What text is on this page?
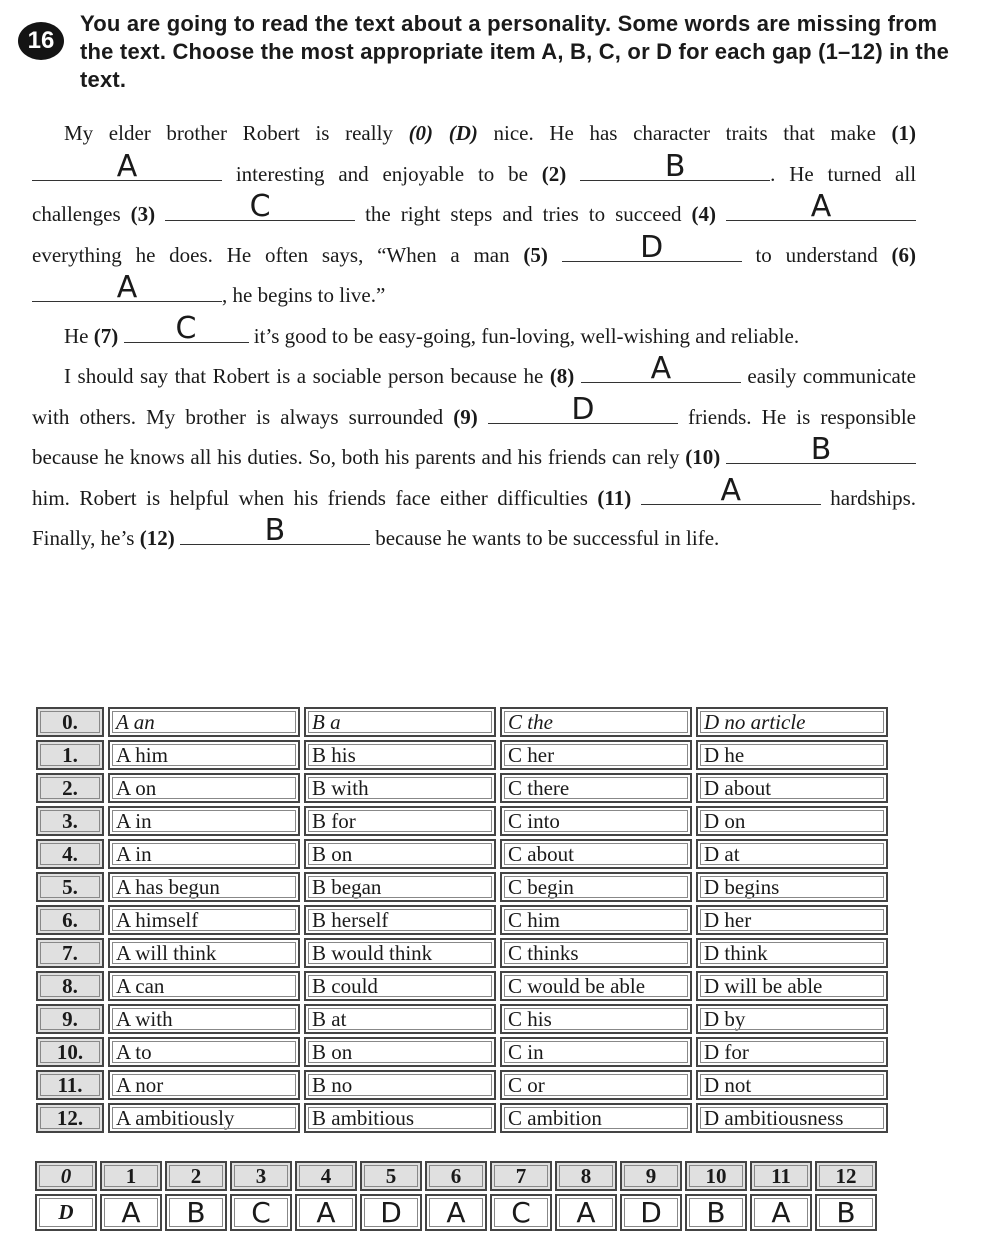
16
You are going to read the text about a personality. Some words are missing from the text. Choose the most appropriate item A, B, C, or D for each gap (1–12) in the text.

My elder brother Robert is really (0) (D) nice. He has character traits that make (1)
A	interesting and enjoyable to be (2)	B	. He turned all challenges (3)	C	the right steps and tries to succeed (4)	A
everything he does. He often says, “When a man (5)	D	to understand (6)
A	, he begins to live.”

He (7) C	it’s good to be easy-going, fun-loving, well-wishing and reliable.

I should say that Robert is a sociable person because he (8)	A	easily communicate with others. My brother is always surrounded (9)	D	friends. He is responsible because he knows all his duties. So, both his parents and his friends can rely (10)	B
him. Robert is helpful when his friends face either difficulties (11)	A	hardships. Finally, he’s (12)	B	because he wants to be successful in life.

0.	A an	B a	C the	D no article
1.	A him	B his	C her	D he
2.	A on	B with	C there	D about
3.	A in	B for	C into	D on
4.	A in	B on	C about	D at
5.	A has begun	B began	C begin	D begins
6.	A himself	B herself	C him	D her
7.	A will think	B would think	C thinks	D think
8.	A can	B could	C would be able	D will be able
9.	A with	B at	C his	D by
10.	A to	B on	C in	D for
11.	A nor	B no	C or	D not
12.	A ambitiously	B ambitious	C ambition	D ambitiousness
0	1	2	3	4	5	6	7	8	9	10	11	12
D	A	B	C	A	D	A	C	A	D	B	A	B
